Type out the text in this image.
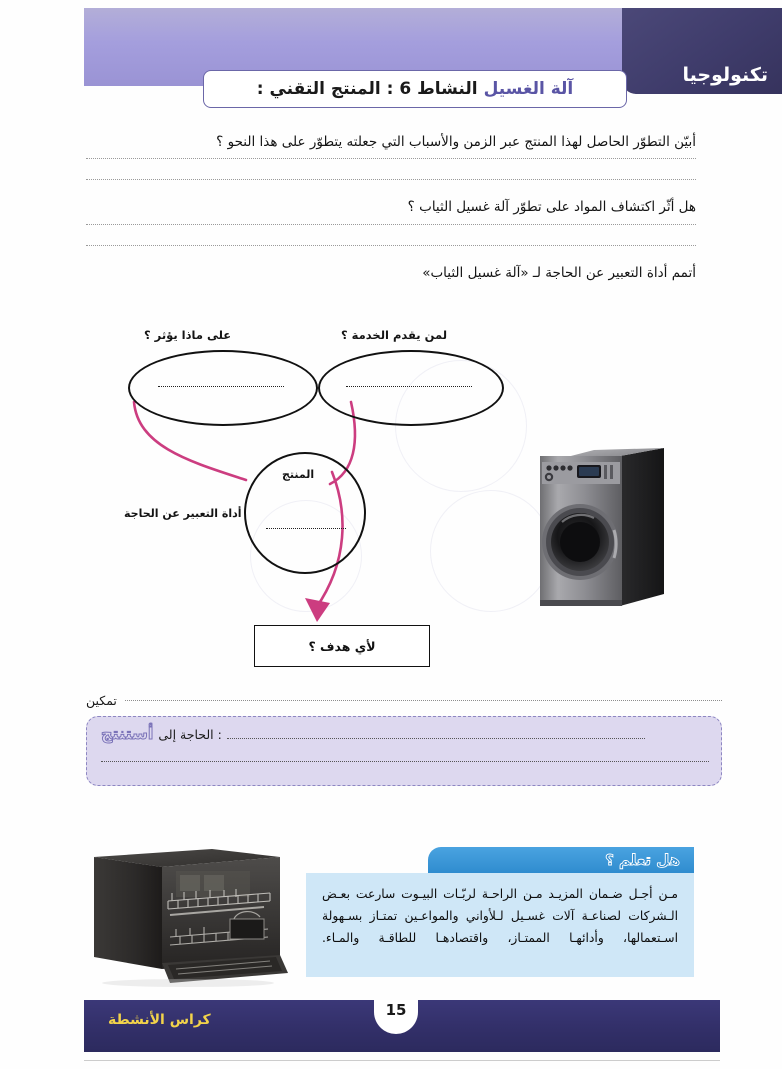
تكنولوجيا
آلة الغسيل
النشاط 6 : المنتج التقني :

أبيّن التطوّر الحاصل لهذا المنتج عبر الزمن والأسباب التي جعلته يتطوّر على هذا النحو ؟

هل أثّر اكتشاف المواد على تطوّر آلة غسيل الثياب ؟

أتمم أداة التعبير عن الحاجة لـ «آلة غسيل الثياب»

على ماذا يؤثر ؟	لمن يقدم الخدمة ؟
المنتج
أداة التعبير عن الحاجة
لأي هدف ؟
تمكين
أستنتج : الحاجة إلى
هل تعلم ؟

مـن أجـل ضـمان المزيـد مـن الراحـة لربّـات البيـوت سارعت بعـض الـشركات لصناعـة آلات غسـيل لـلأواني والمواعـين تمتـاز بسـهولة اسـتعمالها، وأدائهـا الممتـاز، واقتصادهـا للطاقـة والمـاء.

15
كراس الأنشطة
